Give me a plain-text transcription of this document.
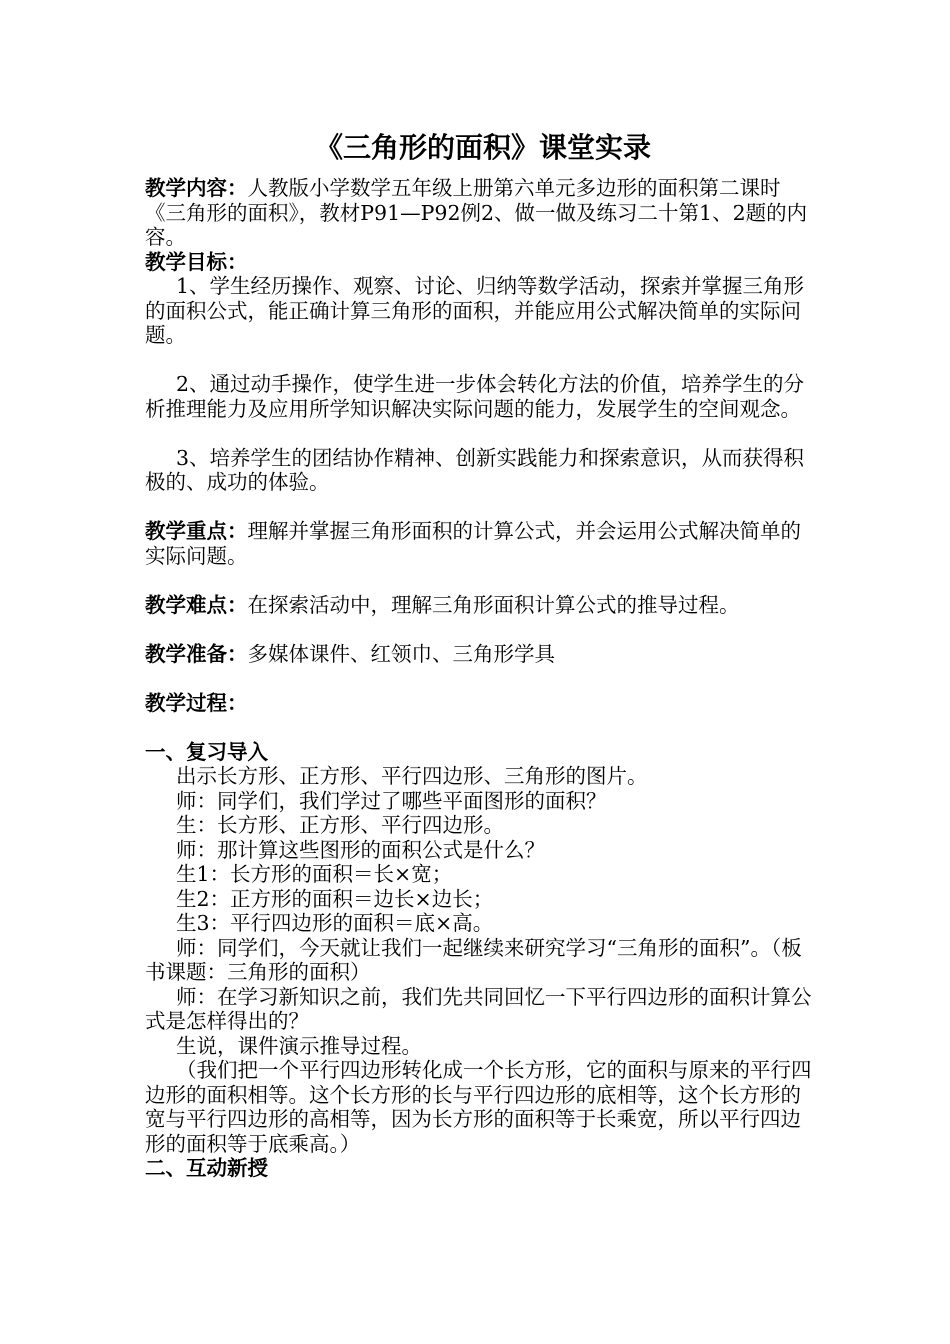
《三角形的面积》课堂实录

教学内容：人教版小学数学五年级上册第六单元多边形的面积第二课时《三角形的面积》，教材P91—P92例2、做一做及练习二十第1、2题的内容。

教学目标：

1、学生经历操作、观察、讨论、归纳等数学活动，探索并掌握三角形的面积公式，能正确计算三角形的面积，并能应用公式解决简单的实际问题。

2、通过动手操作，使学生进一步体会转化方法的价值，培养学生的分析推理能力及应用所学知识解决实际问题的能力，发展学生的空间观念。

3、培养学生的团结协作精神、创新实践能力和探索意识，从而获得积极的、成功的体验。

教学重点：理解并掌握三角形面积的计算公式，并会运用公式解决简单的实际问题。

教学难点：在探索活动中，理解三角形面积计算公式的推导过程。

教学准备：多媒体课件、红领巾、三角形学具

教学过程：

一、复习导入

出示长方形、正方形、平行四边形、三角形的图片。

师：同学们，我们学过了哪些平面图形的面积？

生：长方形、正方形、平行四边形。

师：那计算这些图形的面积公式是什么？

生1：长方形的面积＝长×宽；

生2：正方形的面积＝边长×边长；

生3：平行四边形的面积＝底×高。

师：同学们，今天就让我们一起继续来研究学习“三角形的面积”。（板书课题：三角形的面积）

师：在学习新知识之前，我们先共同回忆一下平行四边形的面积计算公式是怎样得出的？

生说，课件演示推导过程。

（我们把一个平行四边形转化成一个长方形，它的面积与原来的平行四边形的面积相等。这个长方形的长与平行四边形的底相等，这个长方形的宽与平行四边形的高相等，因为长方形的面积等于长乘宽，所以平行四边形的面积等于底乘高。）

二、互动新授
